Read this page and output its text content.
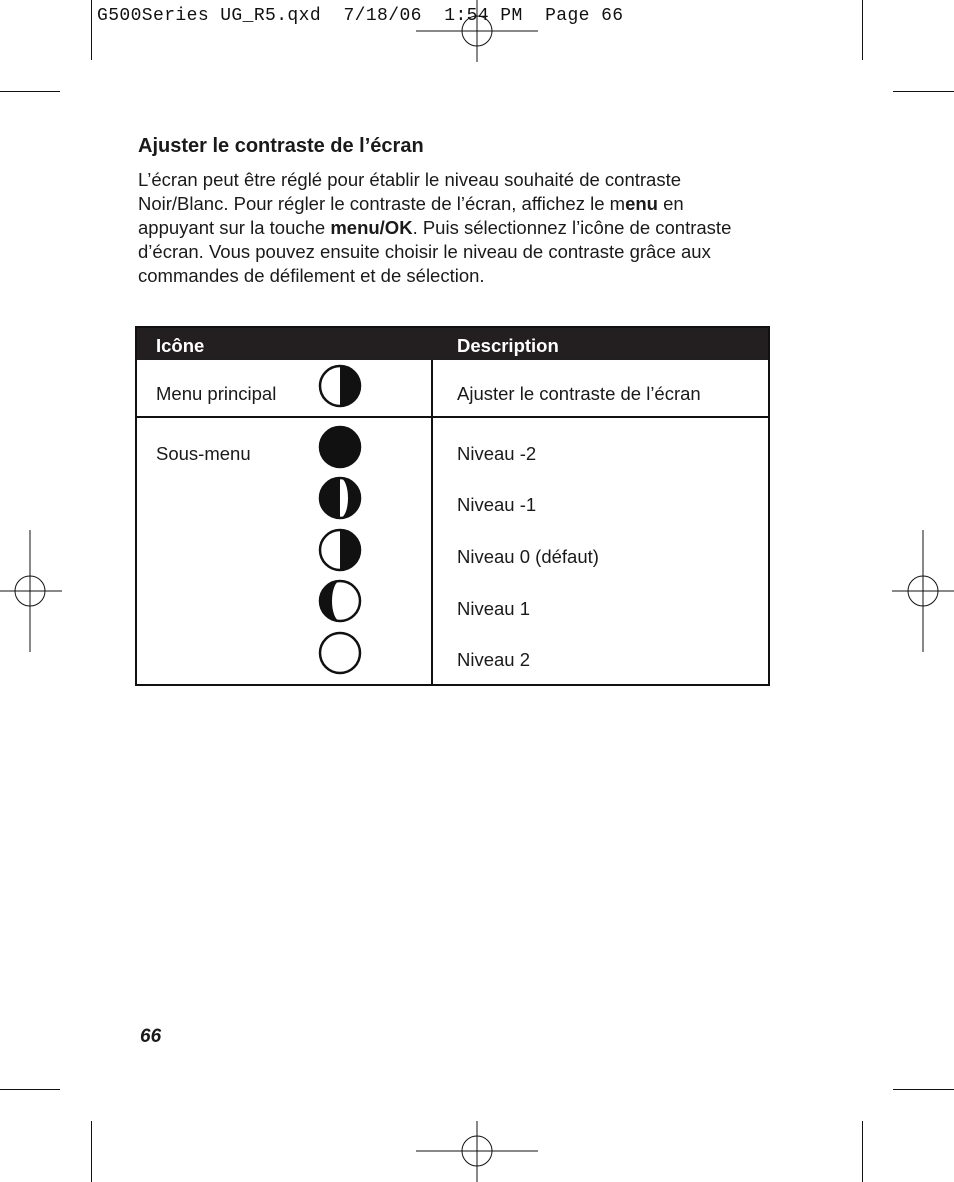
G500Series UG_R5.qxd  7/18/06  1:54 PM  Page 66
Ajuster le contraste de l’écran

L’écran peut être réglé pour établir le niveau souhaité de contraste Noir/Blanc. Pour régler le contraste de l’écran, affichez le menu en appuyant sur la touche menu/OK. Puis sélectionnez l’icône de contraste d’écran. Vous pouvez ensuite choisir le niveau de contraste grâce aux commandes de défilement et de sélection.

Icône	Description
Menu principal	Ajuster le contraste de l’écran
Sous-menu	Niveau -2
Niveau -1
Niveau 0 (défaut)
Niveau 1
Niveau 2
66
